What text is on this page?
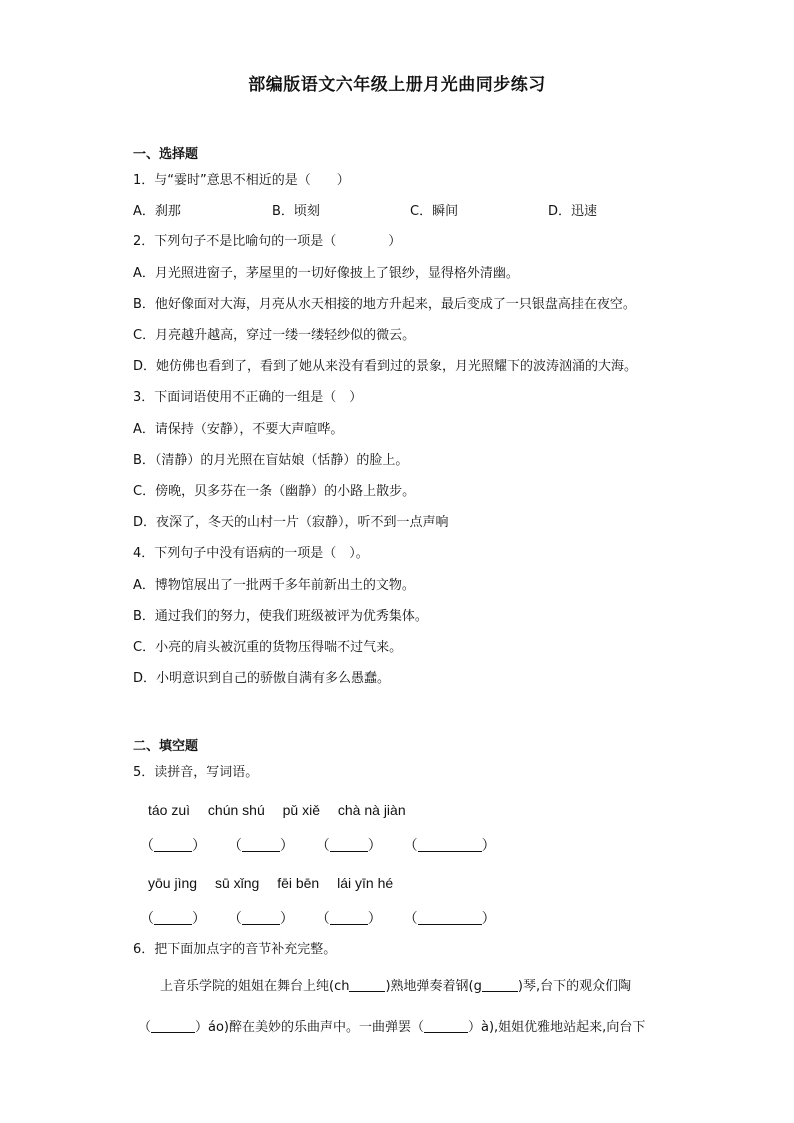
部编版语文六年级上册月光曲同步练习
一、选择题
1．与“霎时”意思不相近的是（　　）
A．刹那	B．顷刻	C．瞬间	D．迅速
2．下列句子不是比喻句的一项是（　　　　）
A．月光照进窗子，茅屋里的一切好像披上了银纱，显得格外清幽。
B．他好像面对大海，月亮从水天相接的地方升起来，最后变成了一只银盘高挂在夜空。
C．月亮越升越高，穿过一缕一缕轻纱似的微云。
D．她仿佛也看到了，看到了她从来没有看到过的景象，月光照耀下的波涛汹涌的大海。
3．下面词语使用不正确的一组是（　）
A．请保持（安静），不要大声喧哗。
B．（清静）的月光照在盲姑娘（恬静）的脸上。
C．傍晚，贝多芬在一条（幽静）的小路上散步。
D．夜深了，冬天的山村一片（寂静），听不到一点声响
4．下列句子中没有语病的一项是（　）。
A．博物馆展出了一批两千多年前新出土的文物。
B．通过我们的努力，使我们班级被评为优秀集体。
C．小亮的肩头被沉重的货物压得喘不过气来。
D．小明意识到自己的骄傲自满有多么愚蠢。
二、填空题
5．读拼音，写词语。
táo zuì chún shú pǔ xiě chà nà jiàn
（	） （	） （	） （	）
yōu jìng sū xǐng fēi bēn lái yīn hé
（	） （	） （	） （	）
6．把下面加点字的音节补充完整。
上音乐学院的姐姐在舞台上纯(ch	)熟地弹奏着钢(g	)琴,台下的观众们陶
（	）áo)醉在美妙的乐曲声中。一曲弹罢（	）à),姐姐优雅地站起来,向台下
